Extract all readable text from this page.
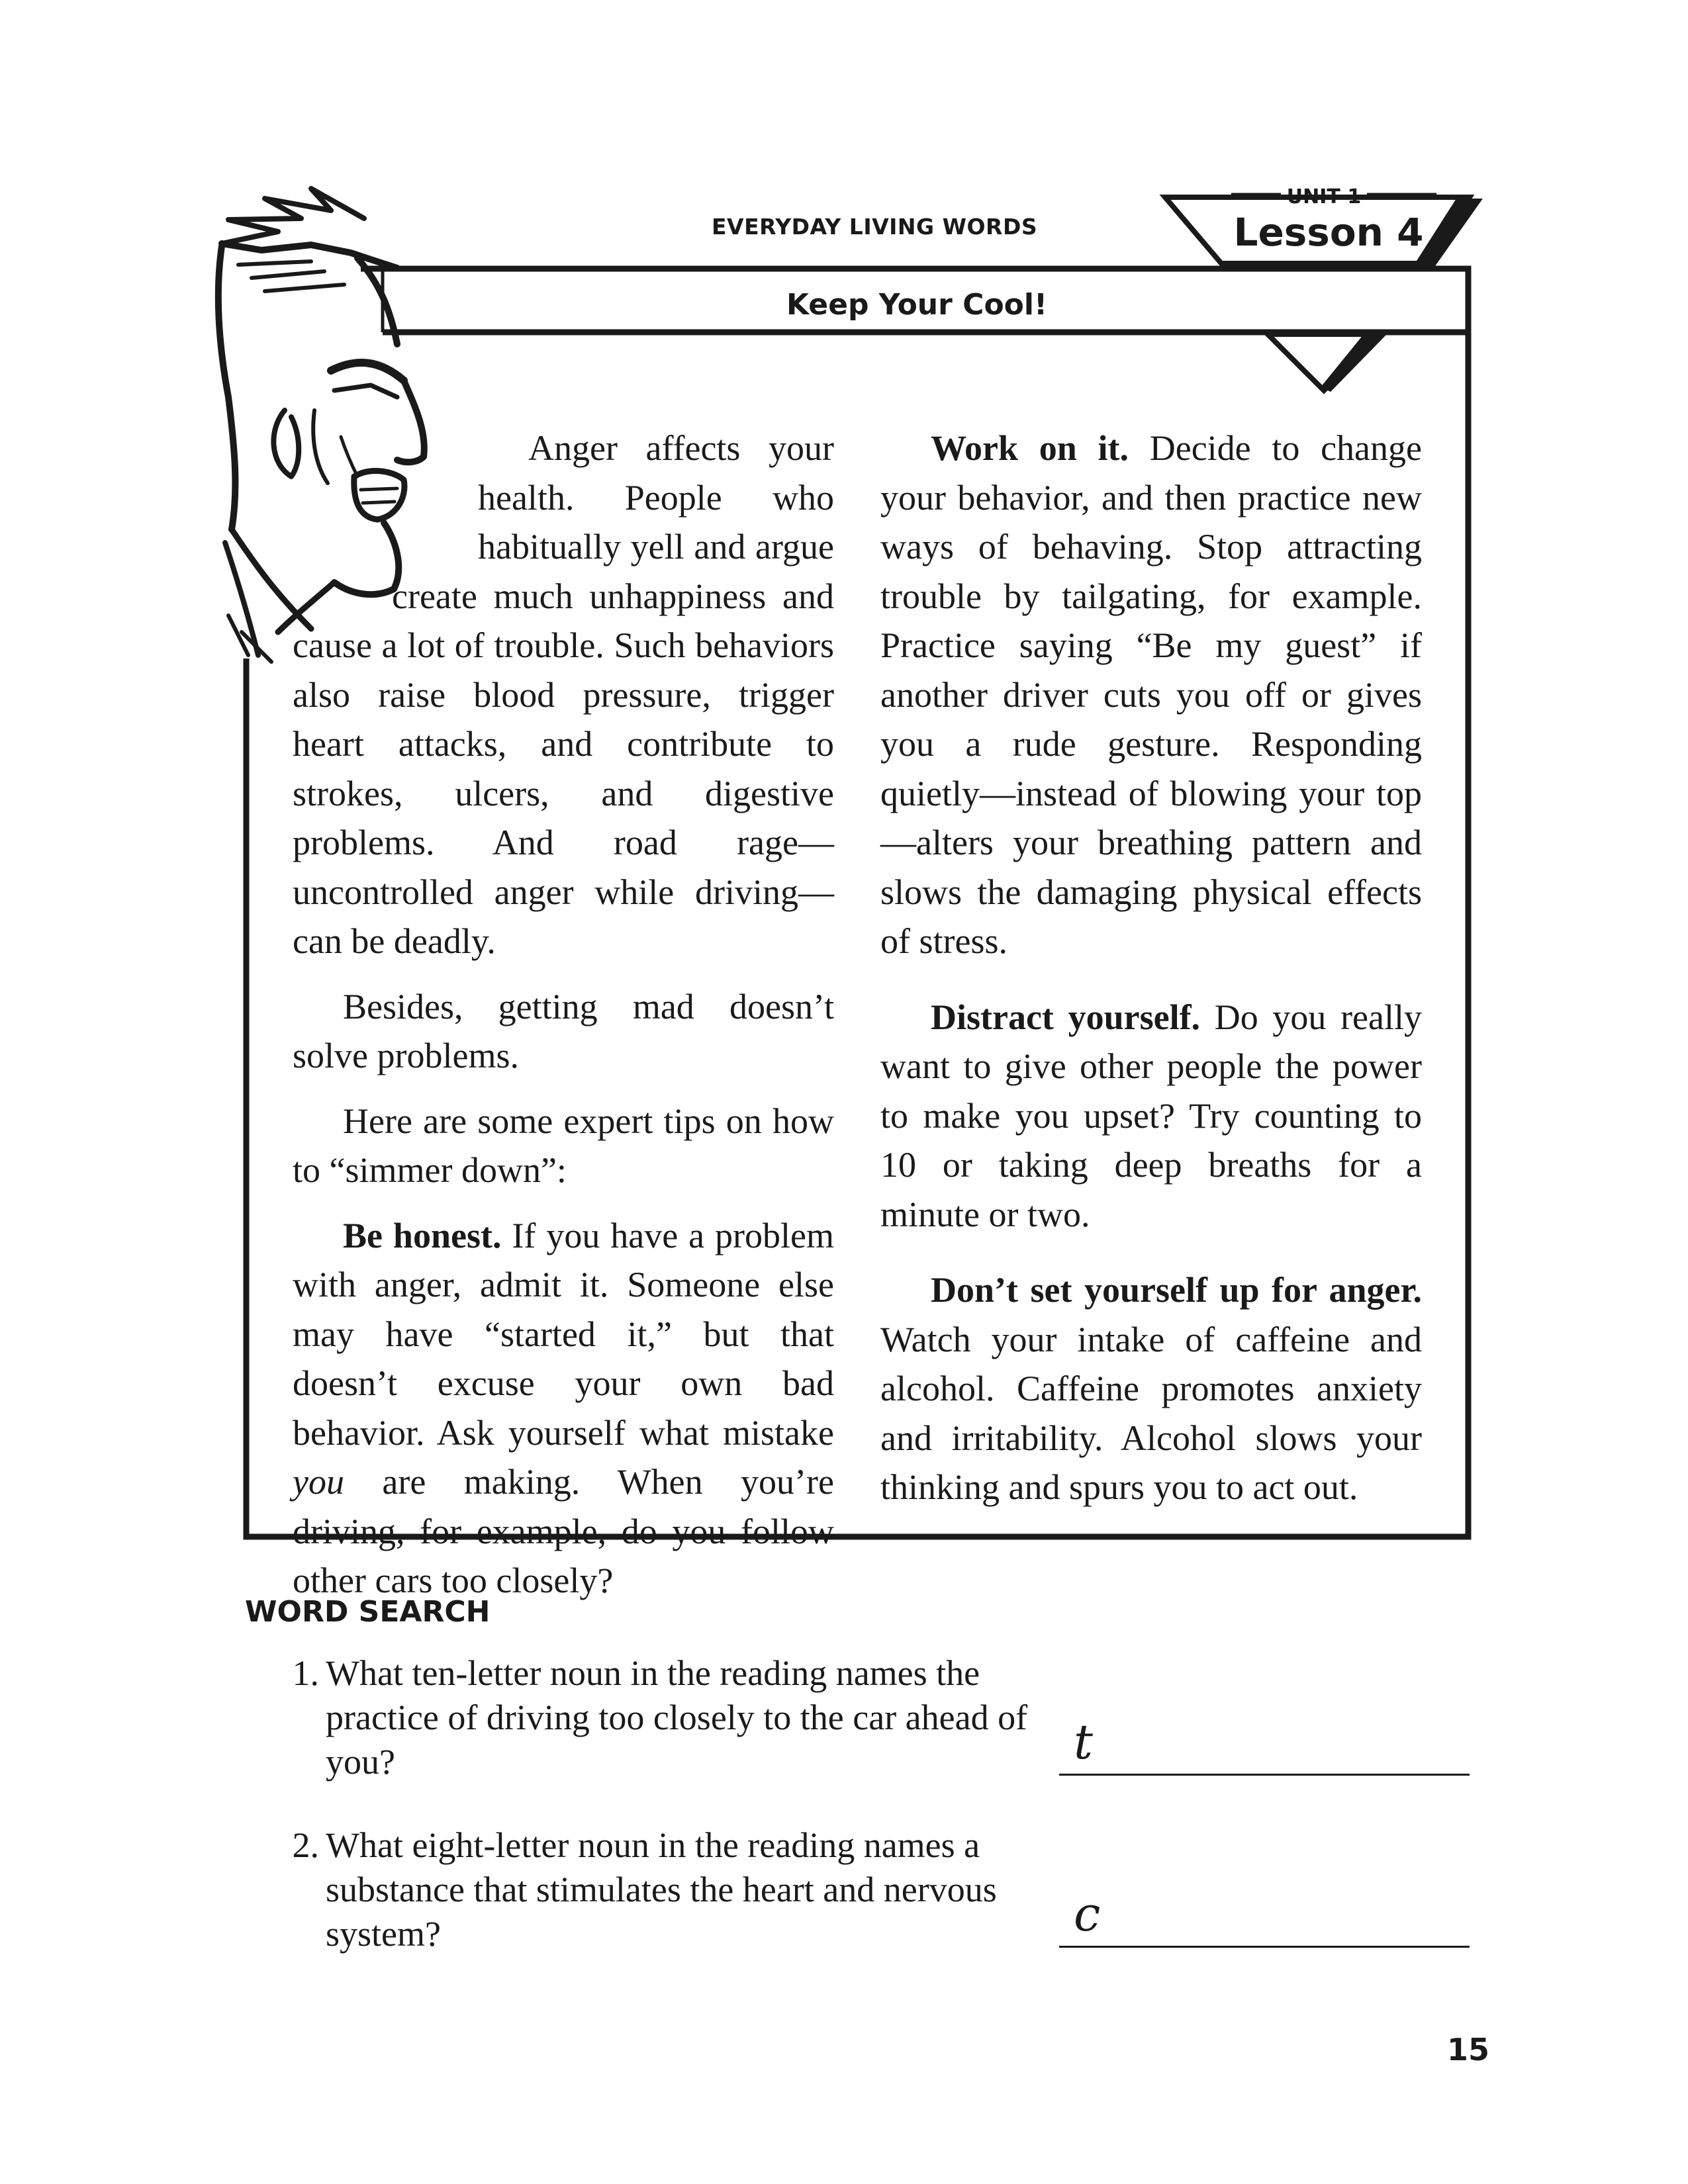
EVERYDAY LIVING WORDS
UNIT 1
Lesson 4
Keep Your Cool!

Anger affects your health. People who habitually yell and argue create much unhappiness and cause a lot of trouble. Such behaviors also raise blood pressure, trigger heart attacks, and contribute to strokes, ulcers, and digestive problems. And road rage—uncontrolled anger while driving—can be deadly.

Besides, getting mad doesn’t solve problems.

Here are some expert tips on how to “simmer down”:

Be honest. If you have a problem with anger, admit it. Someone else may have “started it,” but that doesn’t excuse your own bad behavior. Ask yourself what mistake you are making. When you’re driving, for example, do you follow other cars too closely?

Work on it. Decide to change your behavior, and then practice new ways of behaving. Stop attracting trouble by tailgating, for example. Practice saying “Be my guest” if another driver cuts you off or gives you a rude gesture. Responding quietly—instead of blowing your top—alters your breathing pattern and slows the damaging physical effects of stress.

Distract yourself. Do you really want to give other people the power to make you upset? Try counting to 10 or taking deep breaths for a minute or two.

Don’t set yourself up for anger. Watch your intake of caffeine and alcohol. Caffeine promotes anxiety and irritability. Alcohol slows your thinking and spurs you to act out.

WORD SEARCH
1. What ten-letter noun in the reading names the practice of driving too closely to the car ahead of you?	t
2. What eight-letter noun in the reading names a substance that stimulates the heart and nervous system?	c
15
